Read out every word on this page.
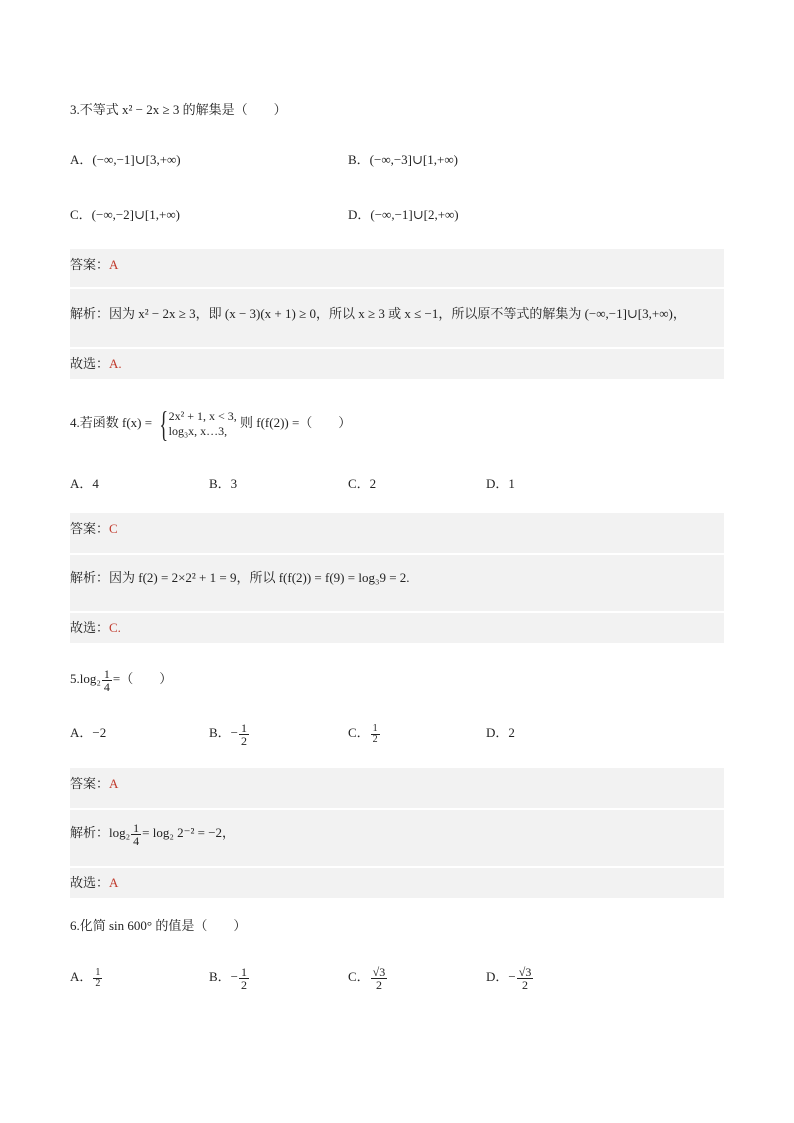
3.不等式 x² − 2x ≥ 3 的解集是（　　）
A．(−∞,−1]∪[3,+∞)	B．(−∞,−3]∪[1,+∞)
C．(−∞,−2]∪[1,+∞)	D．(−∞,−1]∪[2,+∞)
答案：A
解析：因为 x² − 2x ≥ 3，即 (x − 3)(x + 1) ≥ 0，所以 x ≥ 3 或 x ≤ −1，所以原不等式的解集为 (−∞,−1]∪[3,+∞)，
故选：A.
4.若函数 f(x) = { 2x² + 1, x < 3,
log₃x, x…3,
则 f(f(2)) =（　　）
A．4	B．3	C．2	D．1
答案：C
解析：因为 f(2) = 2×2² + 1 = 9，所以 f(f(2)) = f(9) = log₃9 = 2.
故选：C.
$5.\log_2 \frac{1}{4}$ =（　　）
A．−2	B．− $\frac{1}{2}$	C． $\frac{1}{2}$	D．2
答案：A
解析：$\log_2 \frac{1}{4} = \log_2$ 2⁻² = −2，
故选：A
6.化简 sin 600° 的值是（　　）
A． $\frac{1}{2}$	B．− $\frac{1}{2}$	C． $\frac{√3}{2}$	D．− $\frac{√3}{2}$
